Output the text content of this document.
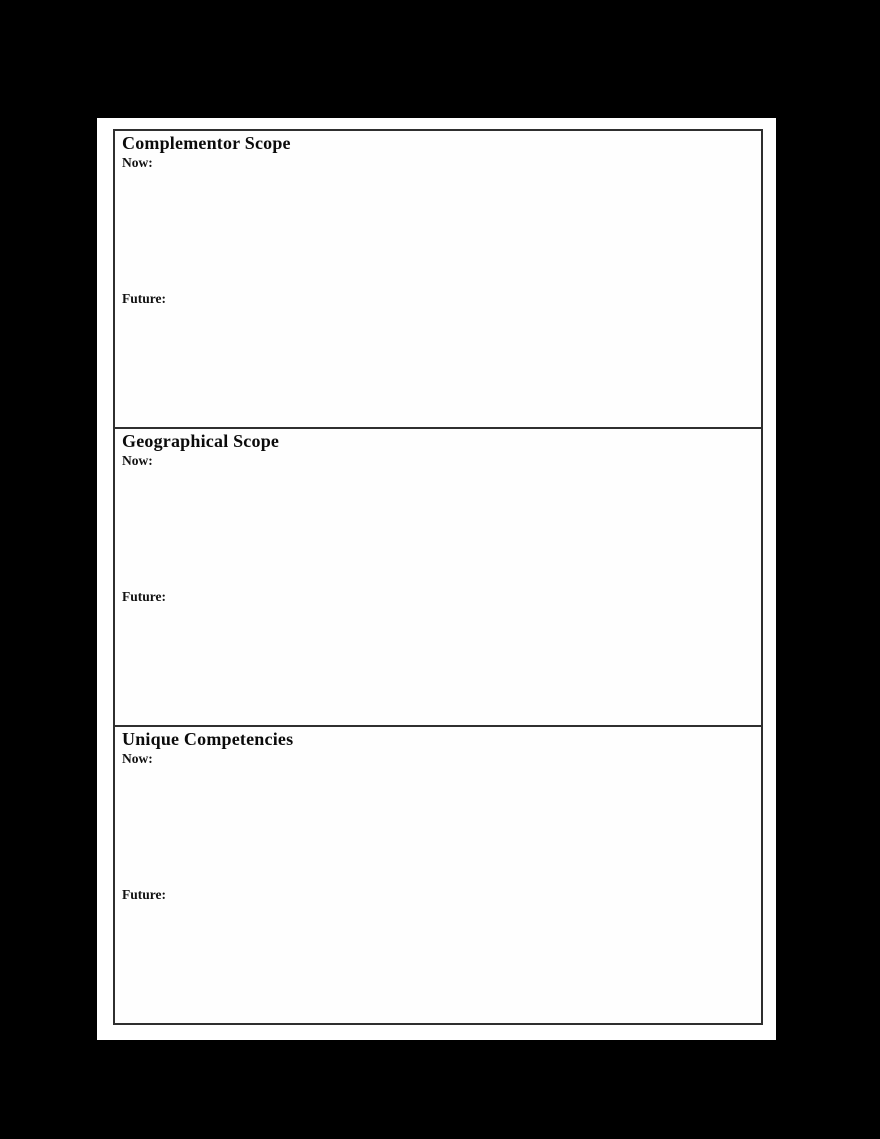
Complementor Scope
Now:
Future:
Geographical Scope
Now:
Future:
Unique Competencies
Now:
Future:
